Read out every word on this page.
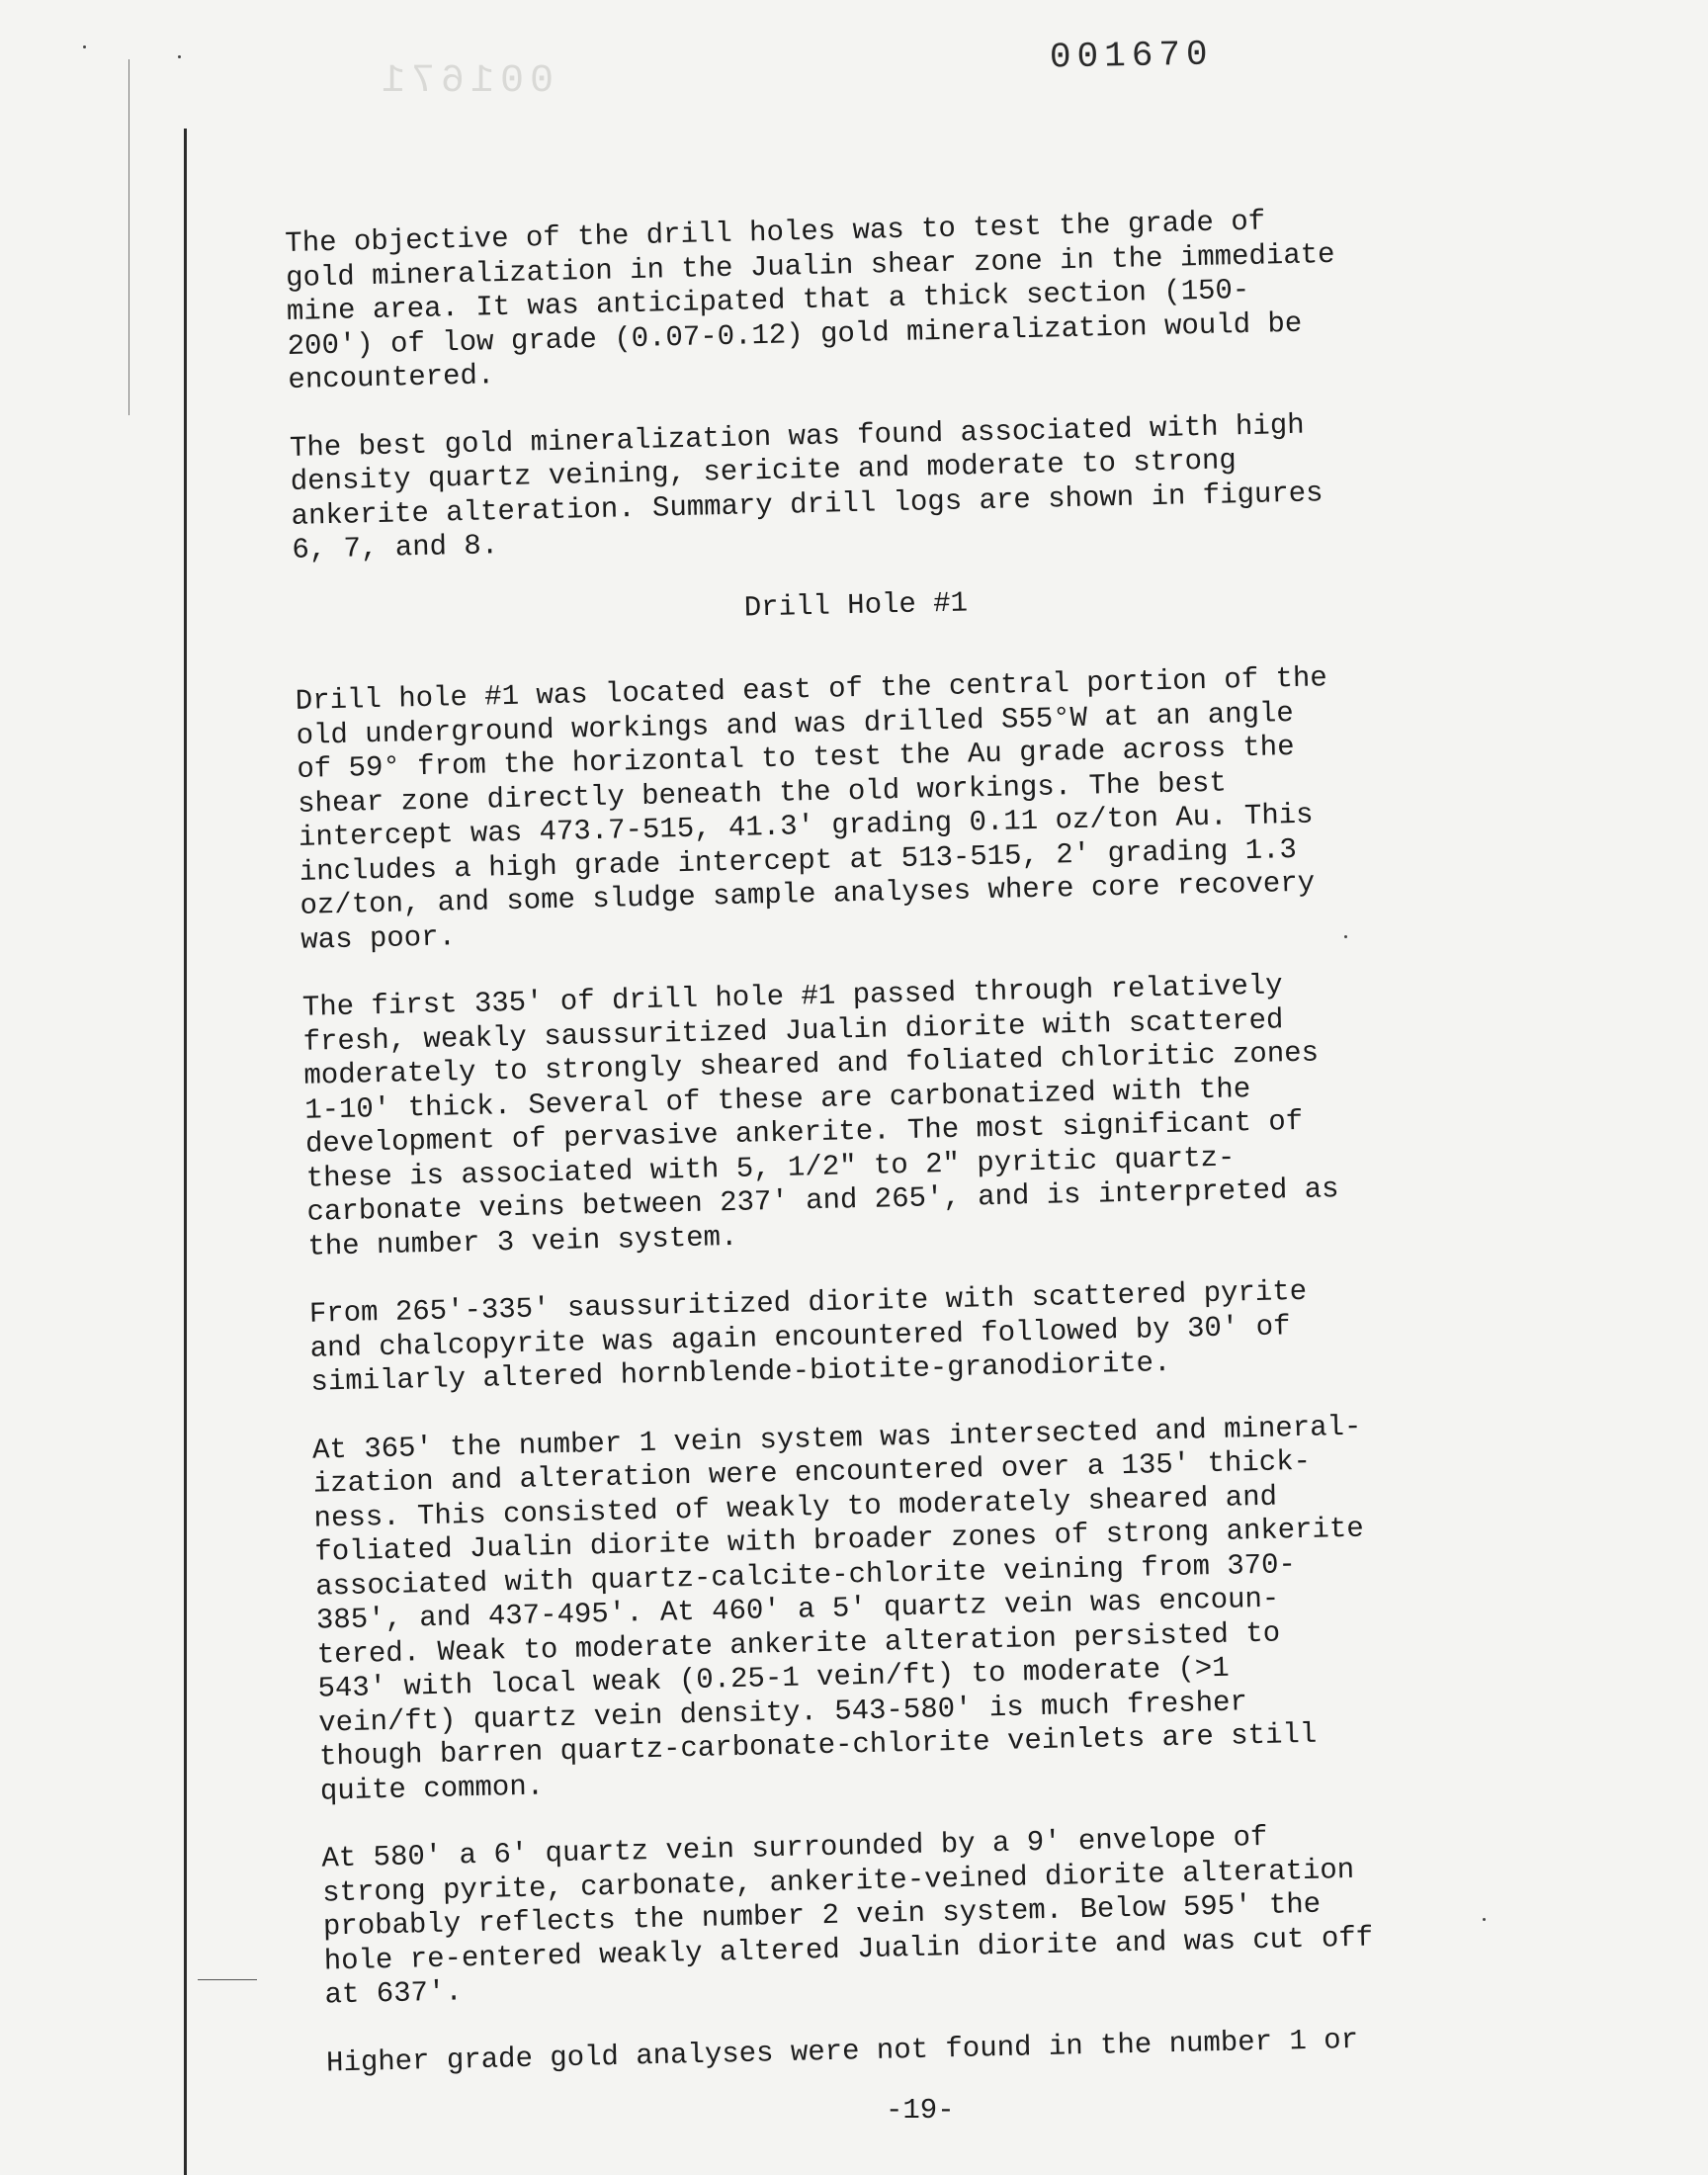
001671
001670

The objective of the drill holes was to test the grade of
gold mineralization in the Jualin shear zone in the immediate
mine area. It was anticipated that a thick section (150-
200') of low grade (0.07-0.12) gold mineralization would be
encountered.

The best gold mineralization was found associated with high
density quartz veining, sericite and moderate to strong
ankerite alteration. Summary drill logs are shown in figures
6, 7, and 8.

Drill Hole #1

Drill hole #1 was located east of the central portion of the
old underground workings and was drilled S55°W at an angle
of 59° from the horizontal to test the Au grade across the
shear zone directly beneath the old workings. The best
intercept was 473.7-515, 41.3' grading 0.11 oz/ton Au. This
includes a high grade intercept at 513-515, 2' grading 1.3
oz/ton, and some sludge sample analyses where core recovery
was poor.

The first 335' of drill hole #1 passed through relatively
fresh, weakly saussuritized Jualin diorite with scattered
moderately to strongly sheared and foliated chloritic zones
1-10' thick. Several of these are carbonatized with the
development of pervasive ankerite. The most significant of
these is associated with 5, 1/2" to 2" pyritic quartz-
carbonate veins between 237' and 265', and is interpreted as
the number 3 vein system.

From 265'-335' saussuritized diorite with scattered pyrite
and chalcopyrite was again encountered followed by 30' of
similarly altered hornblende-biotite-granodiorite.

At 365' the number 1 vein system was intersected and mineral-
ization and alteration were encountered over a 135' thick-
ness. This consisted of weakly to moderately sheared and
foliated Jualin diorite with broader zones of strong ankerite
associated with quartz-calcite-chlorite veining from 370-
385', and 437-495'. At 460' a 5' quartz vein was encoun-
tered. Weak to moderate ankerite alteration persisted to
543' with local weak (0.25-1 vein/ft) to moderate (>1
vein/ft) quartz vein density. 543-580' is much fresher
though barren quartz-carbonate-chlorite veinlets are still
quite common.

At 580' a 6' quartz vein surrounded by a 9' envelope of
strong pyrite, carbonate, ankerite-veined diorite alteration
probably reflects the number 2 vein system. Below 595' the
hole re-entered weakly altered Jualin diorite and was cut off
at 637'.

Higher grade gold analyses were not found in the number 1 or

-19-
